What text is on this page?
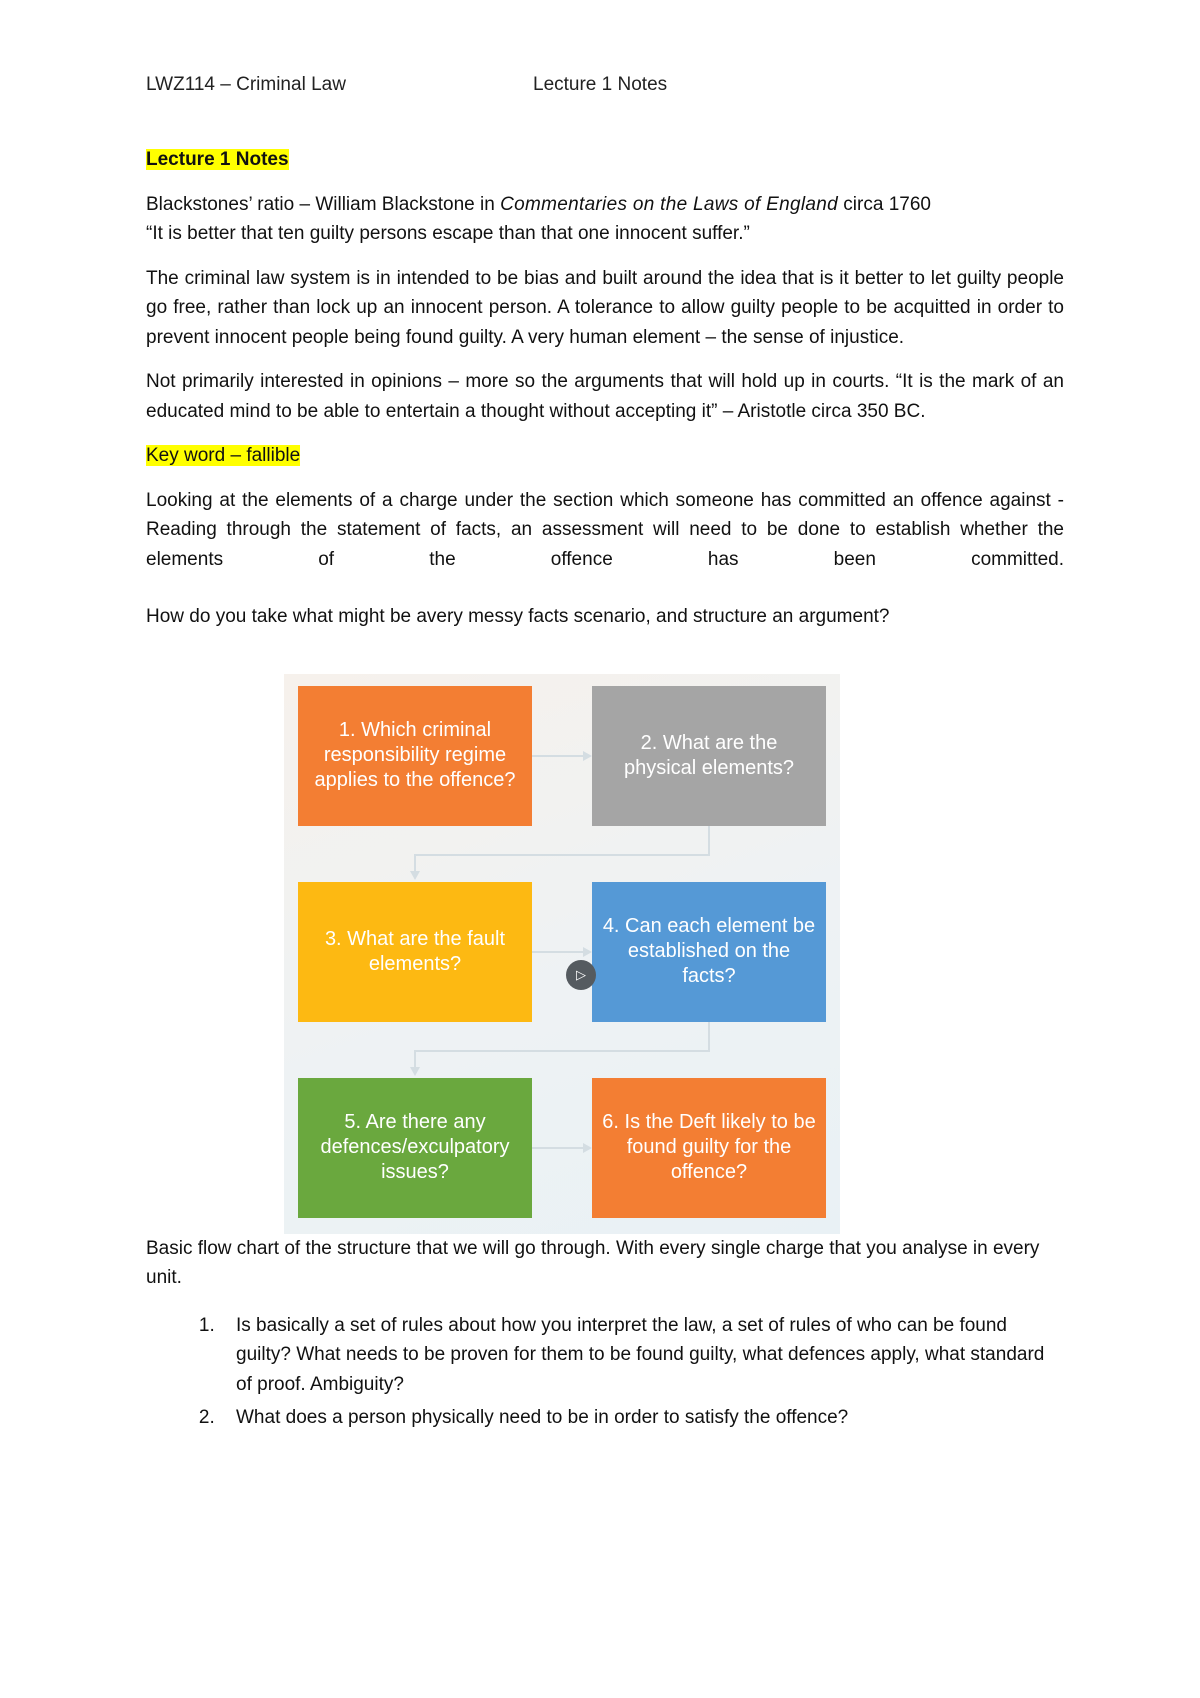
LWZ114 – Criminal Law	Lecture 1 Notes

Lecture 1 Notes

Blackstones’ ratio – William Blackstone in Commentaries on the Laws of England circa 1760
“It is better that ten guilty persons escape than that one innocent suffer.”

The criminal law system is in intended to be bias and built around the idea that is it better to let guilty people go free, rather than lock up an innocent person. A tolerance to allow guilty people to be acquitted in order to prevent innocent people being found guilty. A very human element – the sense of injustice.

Not primarily interested in opinions – more so the arguments that will hold up in courts. “It is the mark of an educated mind to be able to entertain a thought without accepting it” – Aristotle circa 350 BC.

Key word – fallible

Looking at the elements of a charge under the section which someone has committed an offence against - Reading through the statement of facts, an assessment will need to be done to establish whether the elements of the offence has been committed.

How do you take what might be avery messy facts scenario, and structure an argument?

1. Which criminal responsibility regime applies to the offence?
2. What are the physical elements?
3. What are the fault elements?
4. Can each element be established on the facts?
5. Are there any defences/exculpatory issues?
6. Is the Deft likely to be found guilty for the offence?
▷

Basic flow chart of the structure that we will go through. With every single charge that you analyse in every unit.

1. Is basically a set of rules about how you interpret the law, a set of rules of who can be found guilty? What needs to be proven for them to be found guilty, what defences apply, what standard of proof. Ambiguity?
2. What does a person physically need to be in order to satisfy the offence?
